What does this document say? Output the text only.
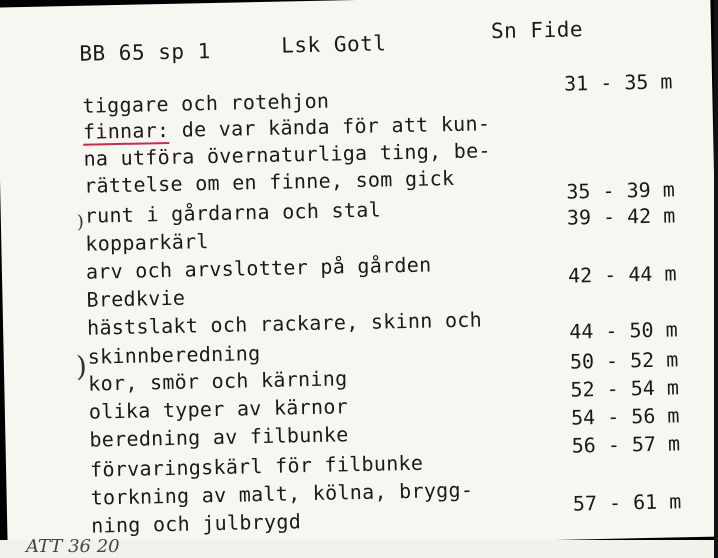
BB 65 sp 1	Lsk Gotl
Sn Fide
tiggare och rotehjon
31 - 35 m
finnar: de var kända för att kun-
na utföra övernaturliga ting, be-
rättelse om en finne, som gick
runt i gårdarna och stal
35 - 39 m
kopparkärl
39 - 42 m
arv och arvslotter på gården
Bredkvie
42 - 44 m
hästslakt och rackare, skinn och
skinnberedning
44 - 50 m
kor, smör och kärning
50 - 52 m
olika typer av kärnor
52 - 54 m
beredning av filbunke
54 - 56 m
förvaringskärl för filbunke
56 - 57 m
torkning av malt, kölna, brygg-
ning och julbrygd
57 - 61 m
)
)
ATT 36 20
